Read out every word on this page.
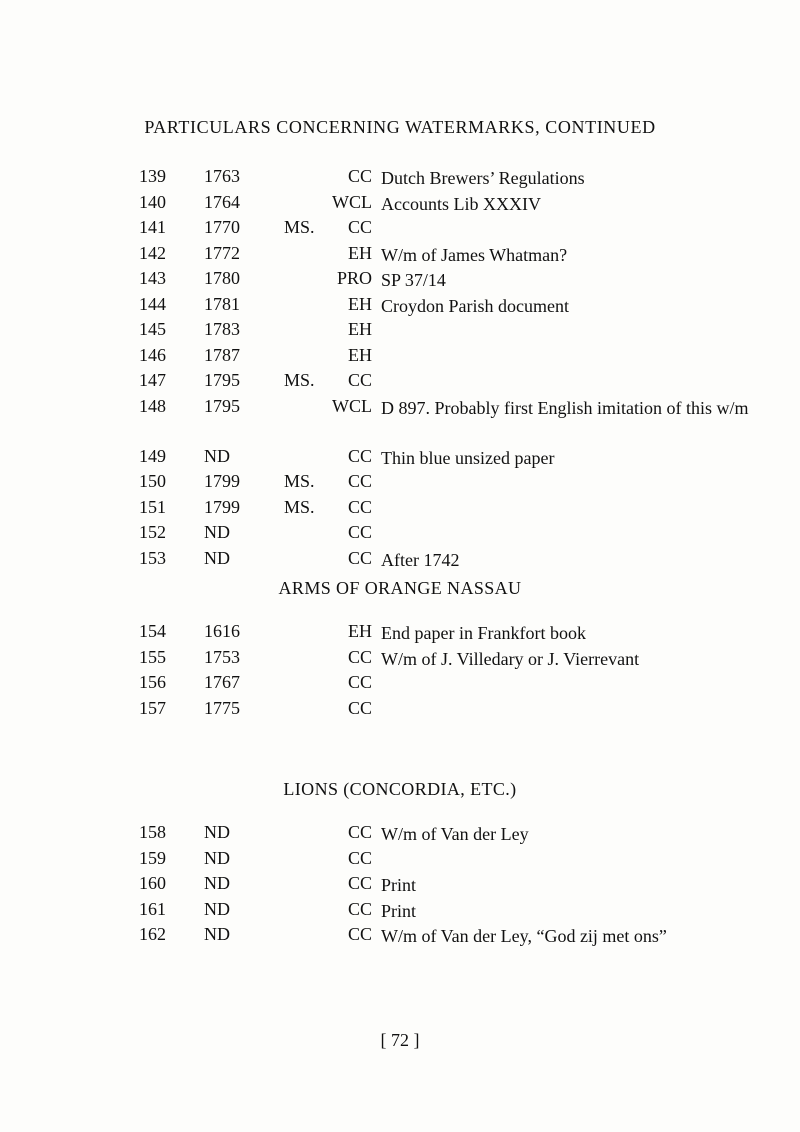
PARTICULARS CONCERNING WATERMARKS, CONTINUED
139 1763	CC Dutch Brewers’ Regulations
140 1764	WCL Accounts Lib XXXIV
141 1770 MS. CC
142 1772	EH W/m of James Whatman?
143 1780	PRO SP 37/14
144 1781	EH Croydon Parish document
145 1783	EH
146 1787	EH
147 1795 MS. CC
148 1795	WCL D 897. Probably first English imitation of this w/m
149 ND	CC Thin blue unsized paper
150 1799 MS. CC
151 1799 MS. CC
152 ND	CC
153 ND	CC After 1742
ARMS OF ORANGE NASSAU
154 1616	EH End paper in Frankfort book
155 1753	CC W/m of J. Villedary or J. Vierrevant
156 1767	CC
157 1775	CC
LIONS (CONCORDIA, ETC.)
158 ND	CC W/m of Van der Ley
159 ND	CC
160 ND	CC Print
161 ND	CC Print
162 ND	CC W/m of Van der Ley, “God zij met ons”
[ 72 ]
